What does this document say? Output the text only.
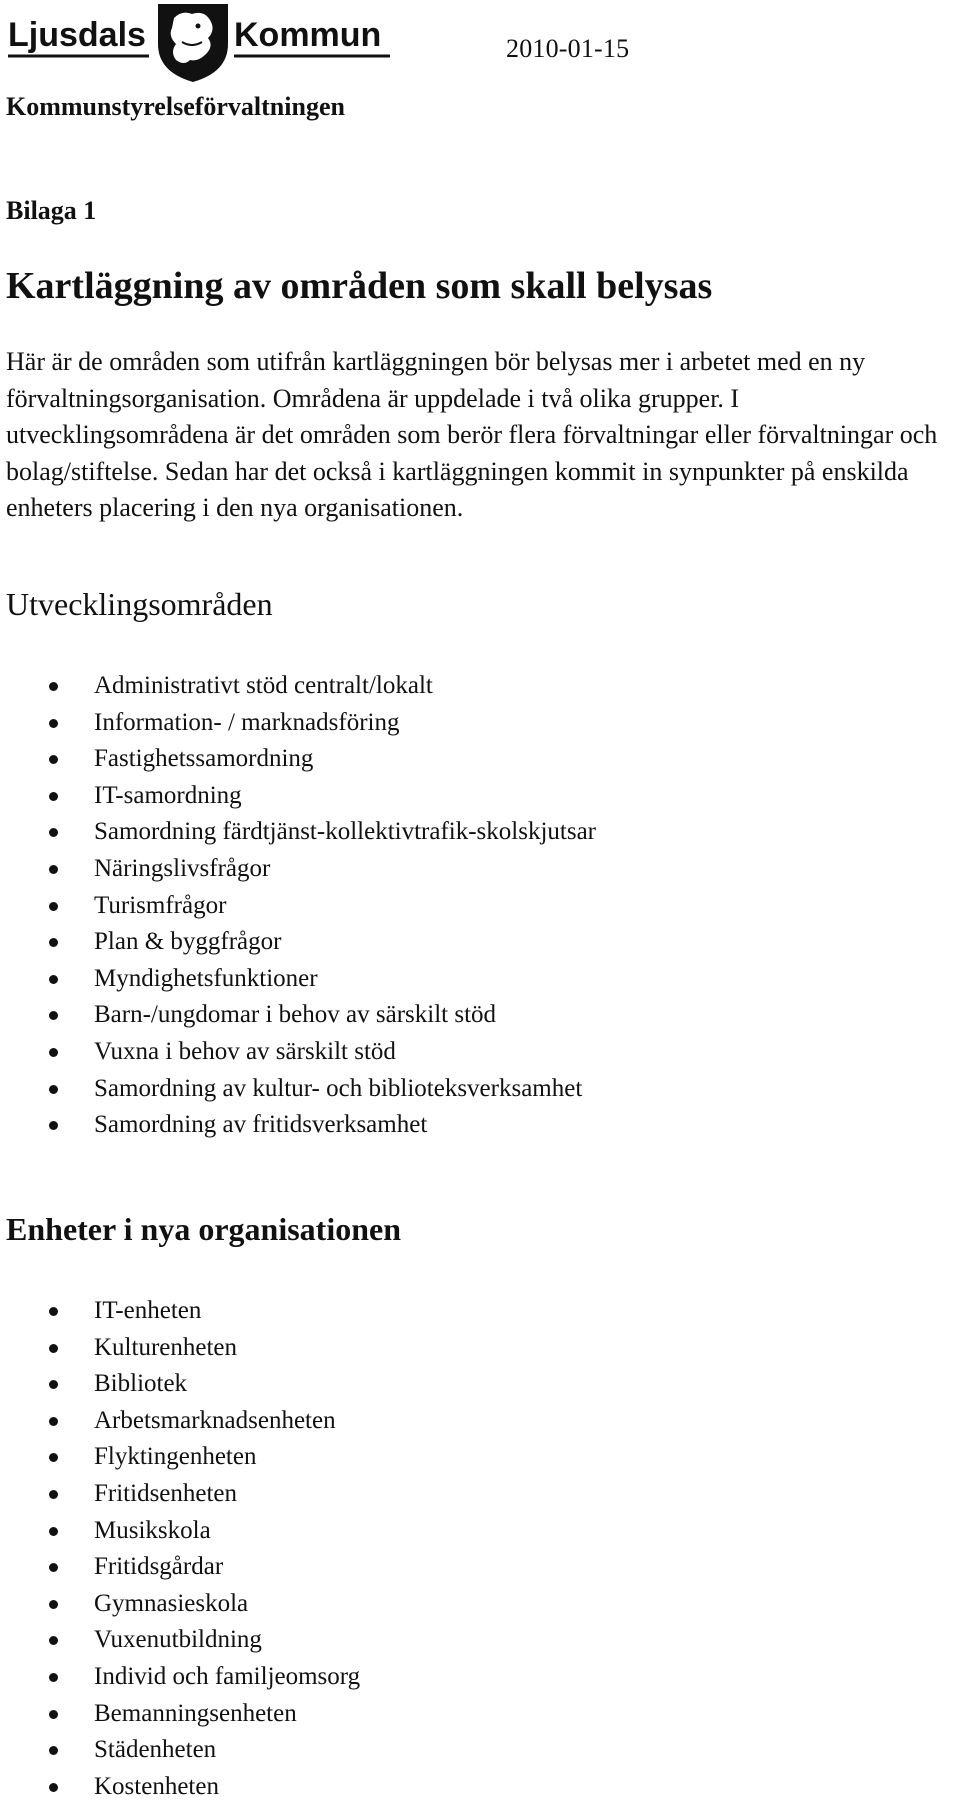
Ljusdals	Kommun	2010-01-15
Kommunstyrelseförvaltningen
Bilaga 1
Kartläggning av områden som skall belysas

Här är de områden som utifrån kartläggningen bör belysas mer i arbetet med en ny förvaltningsorganisation. Områdena är uppdelade i två olika grupper. I utvecklingsområdena är det områden som berör flera förvaltningar eller förvaltningar och bolag/stiftelse. Sedan har det också i kartläggningen kommit in synpunkter på enskilda enheters placering i den nya organisationen.

Utvecklingsområden
Administrativt stöd centralt/lokalt
Information- / marknadsföring
Fastighetssamordning
IT-samordning
Samordning färdtjänst-kollektivtrafik-skolskjutsar
Näringslivsfrågor
Turismfrågor
Plan & byggfrågor
Myndighetsfunktioner
Barn-/ungdomar i behov av särskilt stöd
Vuxna i behov av särskilt stöd
Samordning av kultur- och biblioteksverksamhet
Samordning av fritidsverksamhet
Enheter i nya organisationen
IT-enheten
Kulturenheten
Bibliotek
Arbetsmarknadsenheten
Flyktingenheten
Fritidsenheten
Musikskola
Fritidsgårdar
Gymnasieskola
Vuxenutbildning
Individ och familjeomsorg
Bemanningsenheten
Städenheten
Kostenheten
